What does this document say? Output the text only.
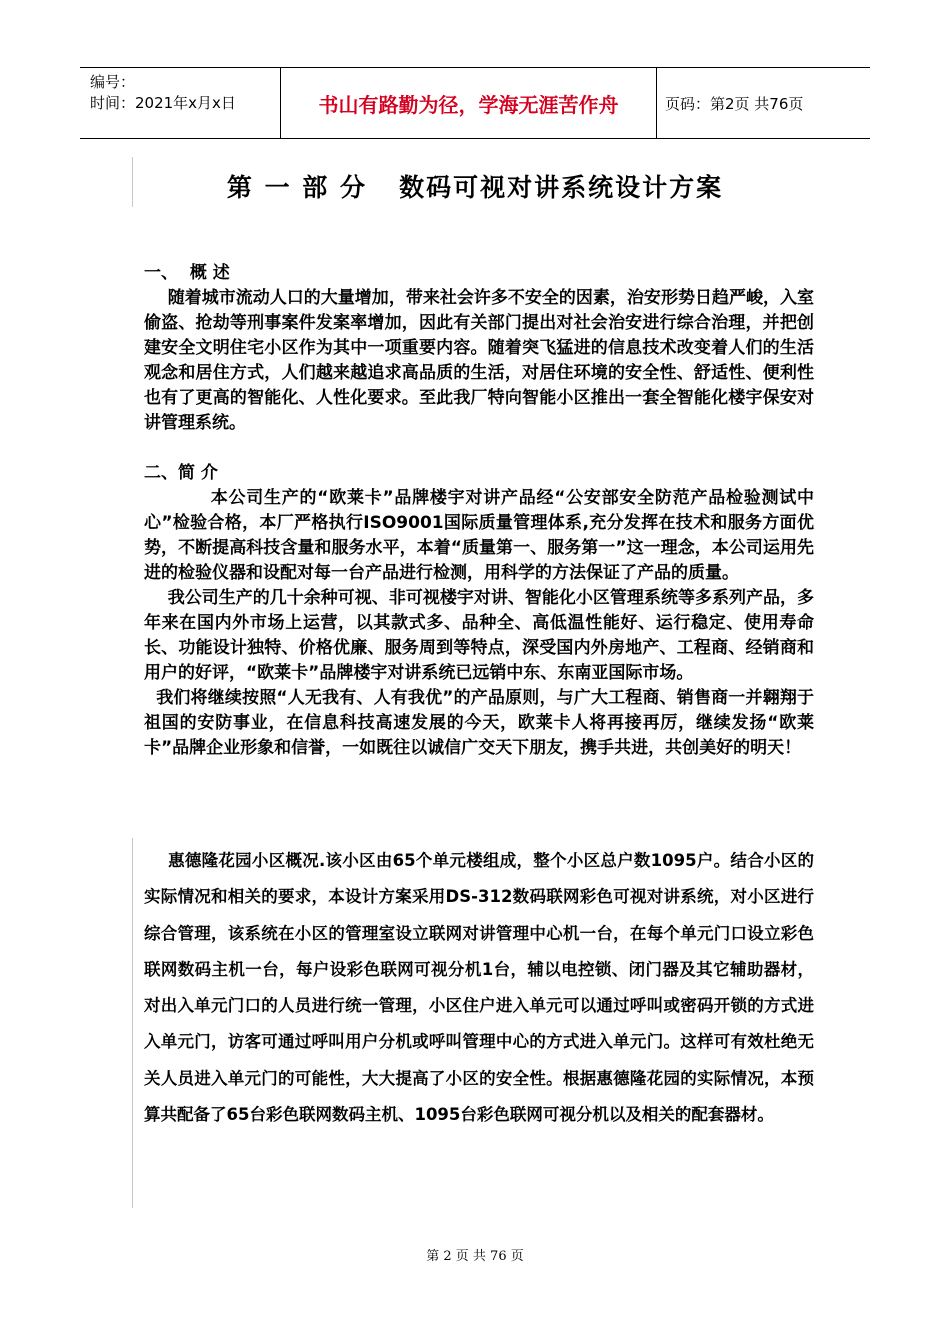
编号：
时间：2021年x月x日	书山有路勤为径，学海无涯苦作舟	页码：第2页 共76页
第 一 部 分   数码可视对讲系统设计方案

一、  概 述

随着城市流动人口的大量增加，带来社会许多不安全的因素，治安形势日趋严峻，入室偷盗、抢劫等刑事案件发案率增加，因此有关部门提出对社会治安进行综合治理，并把创建安全文明住宅小区作为其中一项重要内容。随着突飞猛进的信息技术改变着人们的生活观念和居住方式，人们越来越追求高品质的生活，对居住环境的安全性、舒适性、便利性也有了更高的智能化、人性化要求。至此我厂特向智能小区推出一套全智能化楼宇保安对讲管理系统。

二、简 介

本公司生产的“欧莱卡”品牌楼宇对讲产品经“公安部安全防范产品检验测试中心”检验合格，本厂严格执行ISO9001国际质量管理体系,充分发挥在技术和服务方面优势，不断提高科技含量和服务水平，本着“质量第一、服务第一”这一理念，本公司运用先进的检验仪器和设配对每一台产品进行检测，用科学的方法保证了产品的质量。

我公司生产的几十余种可视、非可视楼宇对讲、智能化小区管理系统等多系列产品，多年来在国内外市场上运营，以其款式多、品种全、高低温性能好、运行稳定、使用寿命长、功能设计独特、价格优廉、服务周到等特点，深受国内外房地产、工程商、经销商和用户的好评，“欧莱卡”品牌楼宇对讲系统已远销中东、东南亚国际市场。

我们将继续按照“人无我有、人有我优”的产品原则，与广大工程商、销售商一并翱翔于祖国的安防事业，在信息科技高速发展的今天，欧莱卡人将再接再厉，继续发扬“欧莱卡”品牌企业形象和信誉，一如既往以诚信广交天下朋友，携手共进，共创美好的明天！

惠德隆花园小区概况.该小区由65个单元楼组成，整个小区总户数1095户。结合小区的实际情况和相关的要求，本设计方案采用DS-312数码联网彩色可视对讲系统，对小区进行综合管理，该系统在小区的管理室设立联网对讲管理中心机一台，在每个单元门口设立彩色联网数码主机一台，每户设彩色联网可视分机1台，辅以电控锁、闭门器及其它辅助器材，对出入单元门口的人员进行统一管理，小区住户进入单元可以通过呼叫或密码开锁的方式进入单元门，访客可通过呼叫用户分机或呼叫管理中心的方式进入单元门。这样可有效杜绝无关人员进入单元门的可能性，大大提高了小区的安全性。根据惠德隆花园的实际情况，本预算共配备了65台彩色联网数码主机、1095台彩色联网可视分机以及相关的配套器材。

第 2 页 共 76 页
